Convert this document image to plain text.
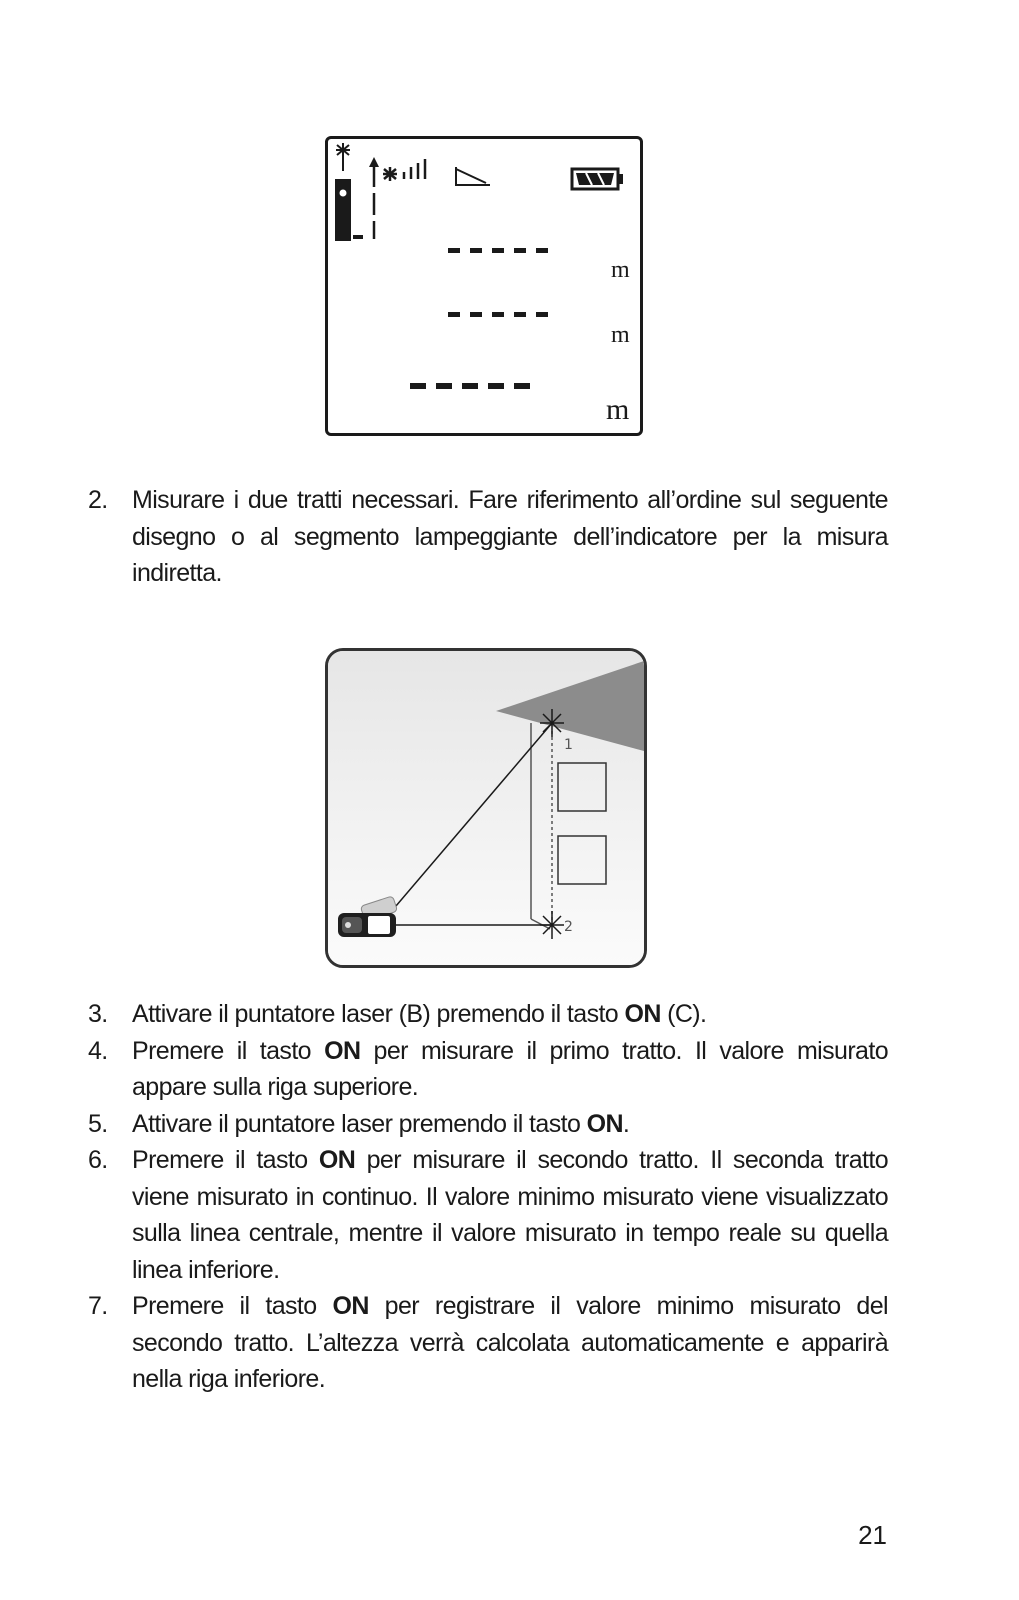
m
m
m
2. Misurare i due tratti necessari. Fare riferimento all’ordine sul seguente disegno o al segmento lampeggiante dell’indicatore per la misura indiretta.
1
2
3. Attivare il puntatore laser (B) premendo il tasto ON (C).
4. Premere il tasto ON per misurare il primo tratto. Il valore misurato appare sulla riga superiore.
5. Attivare il puntatore laser premendo il tasto ON.
6. Premere il tasto ON per misurare il secondo tratto. Il seconda tratto viene misurato in continuo. Il valore minimo misurato viene visualizzato sulla linea centrale, mentre il valore misurato in tempo reale su quella linea inferiore.
7. Premere il tasto ON per registrare il valore minimo misurato del secondo tratto. L’altezza verrà calcolata automaticamente e apparirà nella riga inferiore.
21
